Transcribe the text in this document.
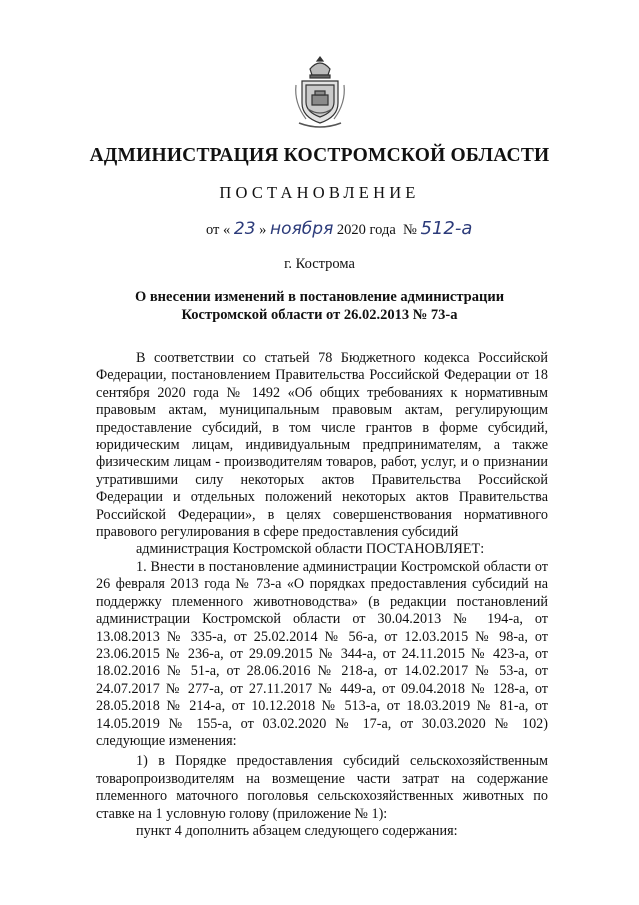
АДМИНИСТРАЦИЯ КОСТРОМСКОЙ ОБЛАСТИ
ПОСТАНОВЛЕНИЕ
от « 23 » ноября 2020 года № 512-а
г. Кострома
О внесении изменений в постановление администрации
Костромской области от 26.02.2013 № 73-а

В соответствии со статьей 78 Бюджетного кодекса Российской Федерации, постановлением Правительства Российской Федерации от 18 сентября 2020 года № 1492 «Об общих требованиях к нормативным правовым актам, муниципальным правовым актам, регулирующим предоставление субсидий, в том числе грантов в форме субсидий, юридическим лицам, индивидуальным предпринимателям, а также физическим лицам - производителям товаров, работ, услуг, и о признании утратившими силу некоторых актов Правительства Российской Федерации и отдельных положений некоторых актов Правительства Российской Федерации», в целях совершенствования нормативного правового регулирования в сфере предоставления субсидий

администрация Костромской области ПОСТАНОВЛЯЕТ:

1. Внести в постановление администрации Костромской области от 26 февраля 2013 года № 73-а «О порядках предоставления субсидий на поддержку племенного животноводства» (в редакции постановлений администрации Костромской области от 30.04.2013 № 194-а, от 13.08.2013 № 335-а, от 25.02.2014 № 56-а, от 12.03.2015 № 98-а, от 23.06.2015 № 236-а, от 29.09.2015 № 344-а, от 24.11.2015 № 423-а, от 18.02.2016 № 51-а, от 28.06.2016 № 218-а, от 14.02.2017 № 53-а, от 24.07.2017 № 277-а, от 27.11.2017 № 449-а, от 09.04.2018 № 128-а, от 28.05.2018 № 214-а, от 10.12.2018 № 513-а, от 18.03.2019 № 81-а, от 14.05.2019 № 155-а, от 03.02.2020 № 17-а, от 30.03.2020 № 102) следующие изменения:

1) в Порядке предоставления субсидий сельскохозяйственным товаропроизводителям на возмещение части затрат на содержание племенного маточного поголовья сельскохозяйственных животных по ставке на 1 условную голову (приложение № 1):

пункт 4 дополнить абзацем следующего содержания:
